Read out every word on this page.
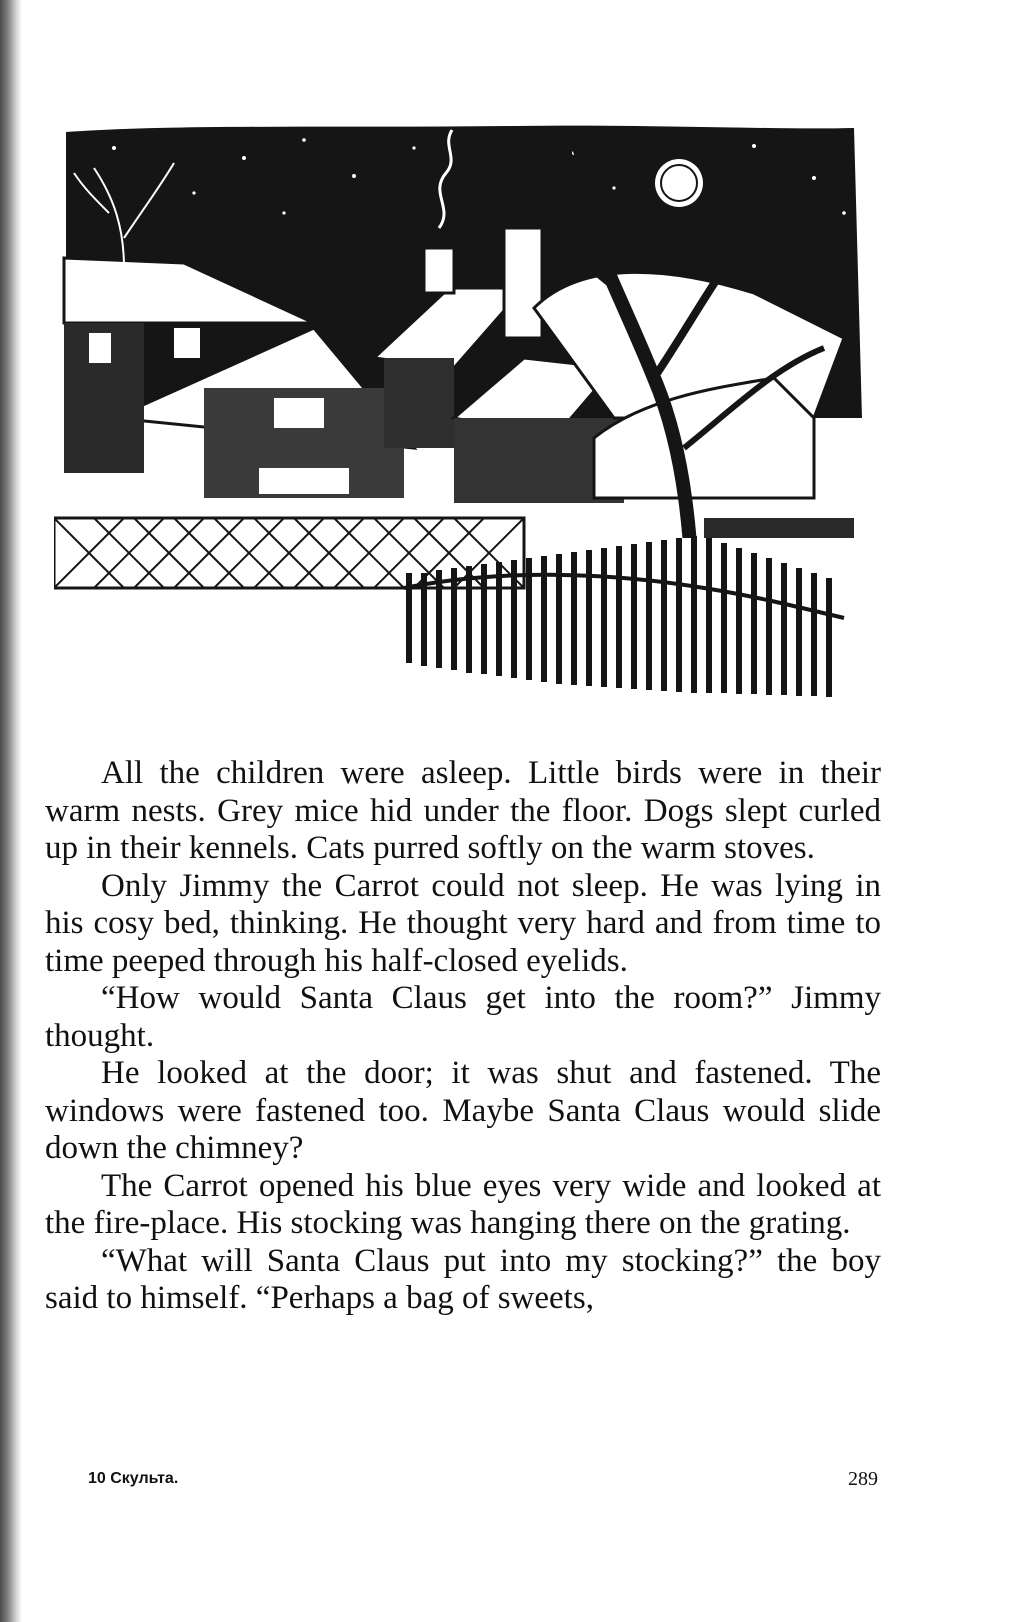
All the children were asleep. Little birds were in their warm nests. Grey mice hid under the floor. Dogs slept curled up in their kennels. Cats purred softly on the warm stoves.

Only Jimmy the Carrot could not sleep. He was lying in his cosy bed, thinking. He thought very hard and from time to time peeped through his half-closed eyelids.

“How would Santa Claus get into the room?” Jimmy thought.

He looked at the door; it was shut and fastened. The windows were fastened too. Maybe Santa Claus would slide down the chimney?

The Carrot opened his blue eyes very wide and looked at the fire-place. His stocking was hanging there on the grating.

“What will Santa Claus put into my stocking?” the boy said to himself. “Perhaps a bag of sweets,

10 Скульта.	289
